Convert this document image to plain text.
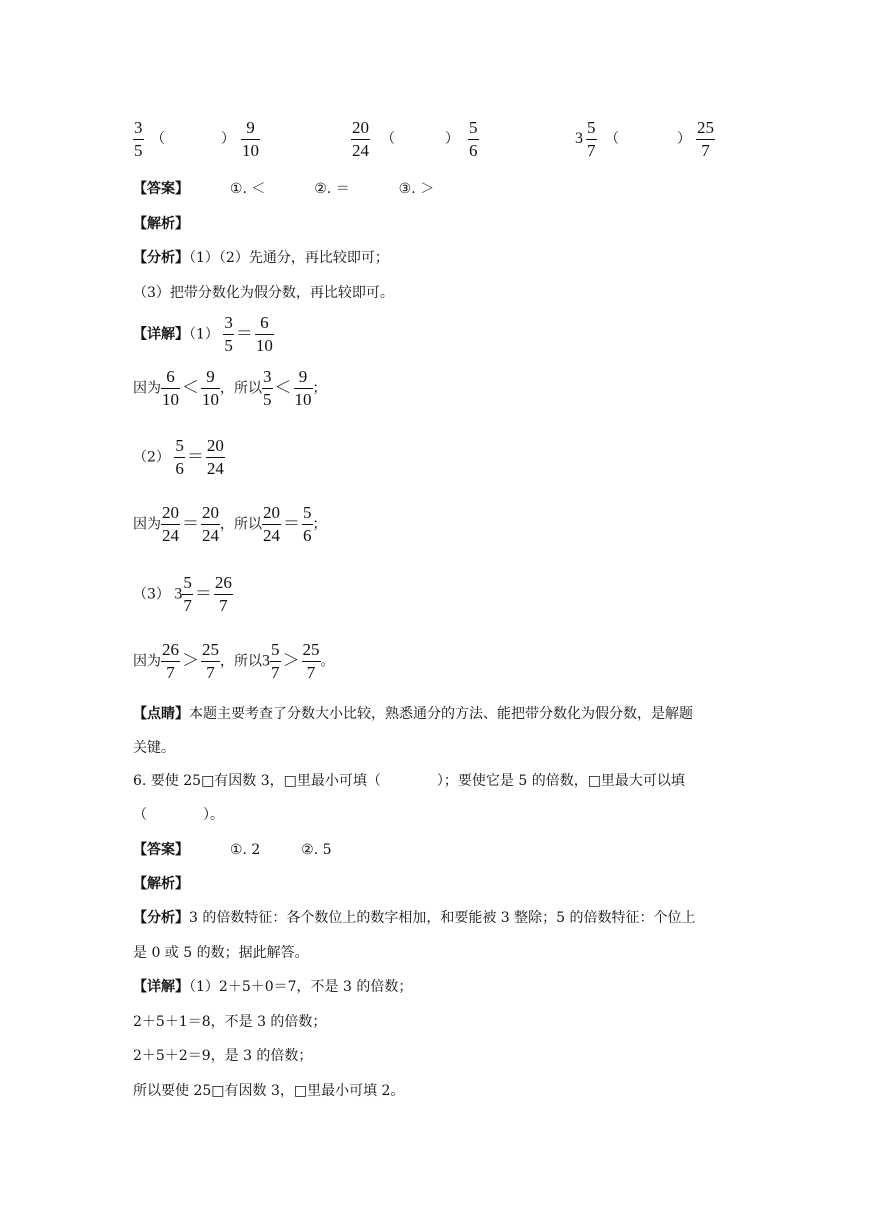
3
5
（	）
9
10
20
24
（	）
5
6
3
5
7
（	）
25
7
【答案】	①. ＜	②. ＝	③. ＞
【解析】
【分析】（1）（2）先通分，再比较即可；
（3）把带分数化为假分数，再比较即可。
【详解】$(1) \frac{3}{5} = \frac{6}{10}$
因为 $\frac{6}{10} < \frac{9}{10}$ ，所以 $\frac{3}{5} < \frac{9}{10}$ ；
$(2) \frac{5}{6} = \frac{20}{24}$
因为 $\frac{20}{24} = \frac{20}{24}$ ，所以 $\frac{20}{24} = \frac{5}{6}$ ；
（3） $3 \frac{5}{7} = \frac{26}{7}$
因为 $\frac{26}{7} > \frac{25}{7}$ ，所以$3 \frac{5}{7} > \frac{25}{7}$ 。
【点睛】本题主要考查了分数大小比较，熟悉通分的方法、能把带分数化为假分数，是解题
关键。
6. 要使 25□有因数 3，□里最小可填（　　　　）；要使它是 5 的倍数，□里最大可以填
（　　　　）。
【答案】	①. 2	②. 5
【解析】
【分析】3 的倍数特征：各个数位上的数字相加，和要能被 3 整除；5 的倍数特征：个位上
是 0 或 5 的数；据此解答。
【详解】（1）2＋5＋0＝7，不是 3 的倍数；
2＋5＋1＝8，不是 3 的倍数；
2＋5＋2＝9，是 3 的倍数；
所以要使 25□有因数 3，□里最小可填 2。
